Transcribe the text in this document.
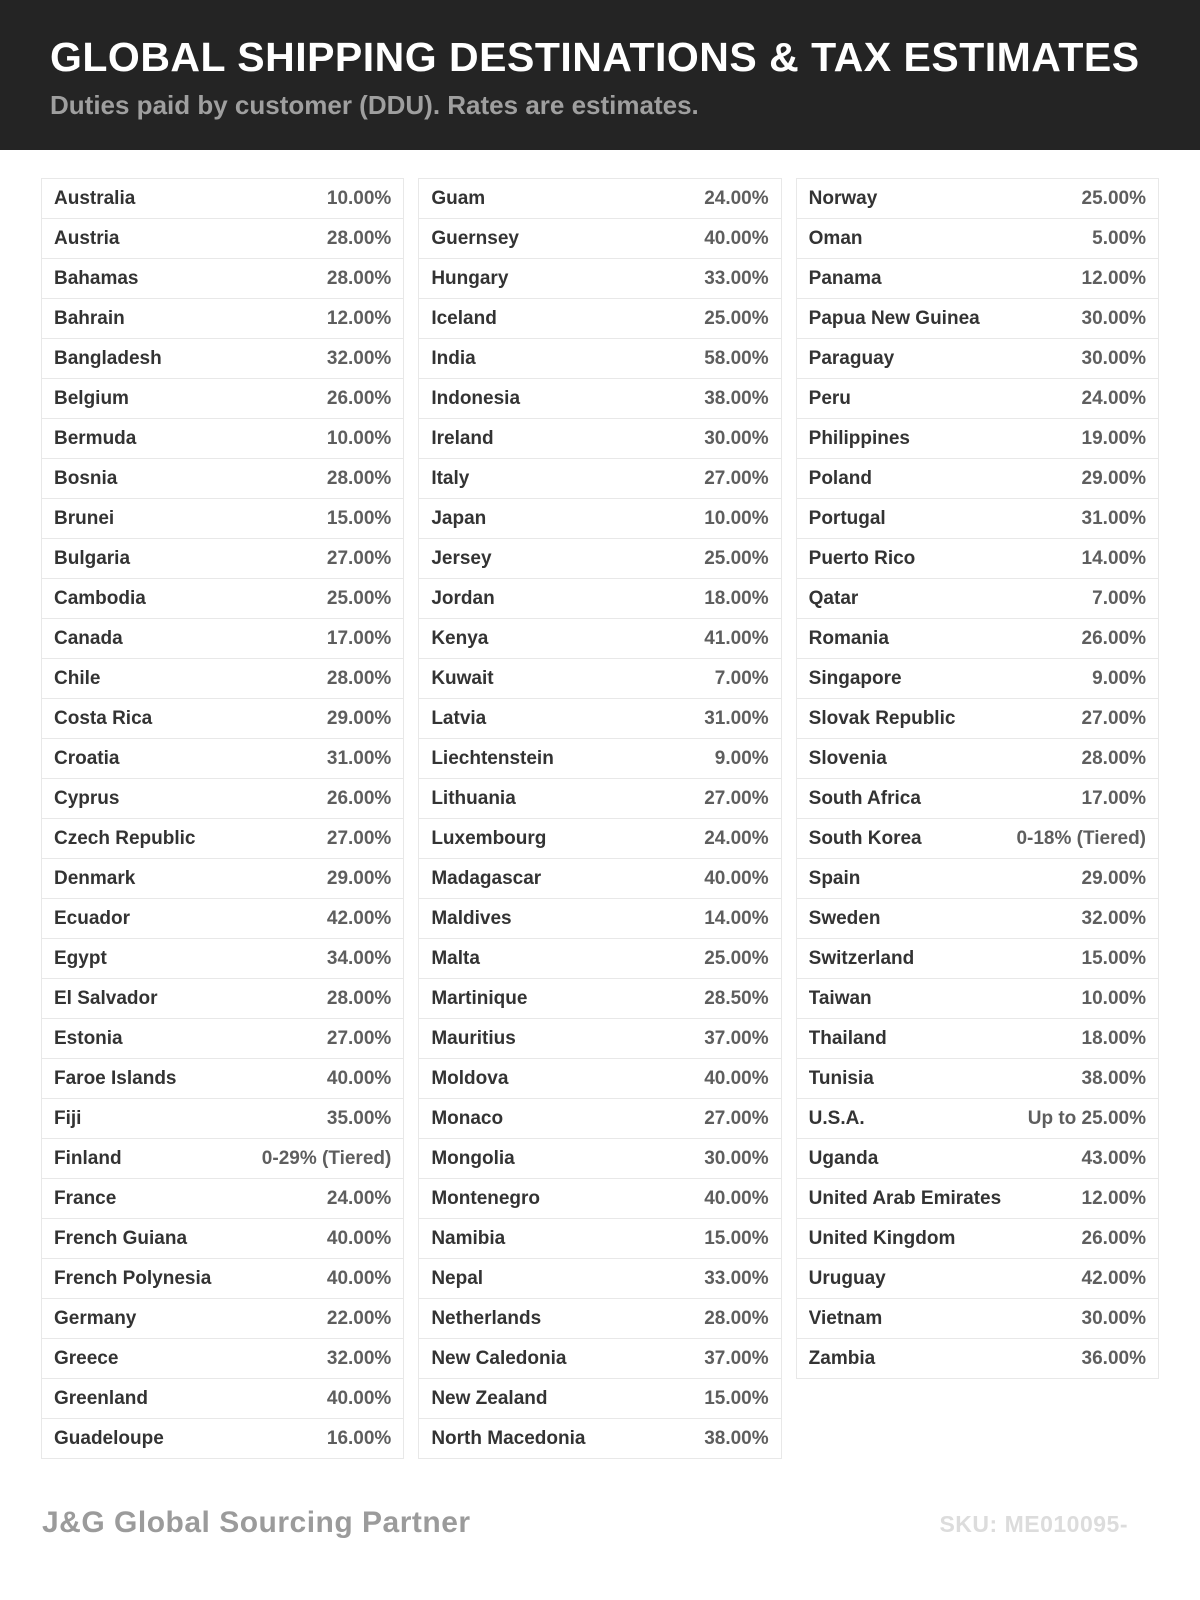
GLOBAL SHIPPING DESTINATIONS & TAX ESTIMATES
Duties paid by customer (DDU). Rates are estimates.
Australia	10.00%
Austria	28.00%
Bahamas	28.00%
Bahrain	12.00%
Bangladesh	32.00%
Belgium	26.00%
Bermuda	10.00%
Bosnia	28.00%
Brunei	15.00%
Bulgaria	27.00%
Cambodia	25.00%
Canada	17.00%
Chile	28.00%
Costa Rica	29.00%
Croatia	31.00%
Cyprus	26.00%
Czech Republic	27.00%
Denmark	29.00%
Ecuador	42.00%
Egypt	34.00%
El Salvador	28.00%
Estonia	27.00%
Faroe Islands	40.00%
Fiji	35.00%
Finland	0-29% (Tiered)
France	24.00%
French Guiana	40.00%
French Polynesia	40.00%
Germany	22.00%
Greece	32.00%
Greenland	40.00%
Guadeloupe	16.00%
Guam	24.00%
Guernsey	40.00%
Hungary	33.00%
Iceland	25.00%
India	58.00%
Indonesia	38.00%
Ireland	30.00%
Italy	27.00%
Japan	10.00%
Jersey	25.00%
Jordan	18.00%
Kenya	41.00%
Kuwait	7.00%
Latvia	31.00%
Liechtenstein	9.00%
Lithuania	27.00%
Luxembourg	24.00%
Madagascar	40.00%
Maldives	14.00%
Malta	25.00%
Martinique	28.50%
Mauritius	37.00%
Moldova	40.00%
Monaco	27.00%
Mongolia	30.00%
Montenegro	40.00%
Namibia	15.00%
Nepal	33.00%
Netherlands	28.00%
New Caledonia	37.00%
New Zealand	15.00%
North Macedonia	38.00%
Norway	25.00%
Oman	5.00%
Panama	12.00%
Papua New Guinea	30.00%
Paraguay	30.00%
Peru	24.00%
Philippines	19.00%
Poland	29.00%
Portugal	31.00%
Puerto Rico	14.00%
Qatar	7.00%
Romania	26.00%
Singapore	9.00%
Slovak Republic	27.00%
Slovenia	28.00%
South Africa	17.00%
South Korea	0-18% (Tiered)
Spain	29.00%
Sweden	32.00%
Switzerland	15.00%
Taiwan	10.00%
Thailand	18.00%
Tunisia	38.00%
U.S.A.	Up to 25.00%
Uganda	43.00%
United Arab Emirates	12.00%
United Kingdom	26.00%
Uruguay	42.00%
Vietnam	30.00%
Zambia	36.00%
J&G Global Sourcing Partner	SKU: ME010095-
